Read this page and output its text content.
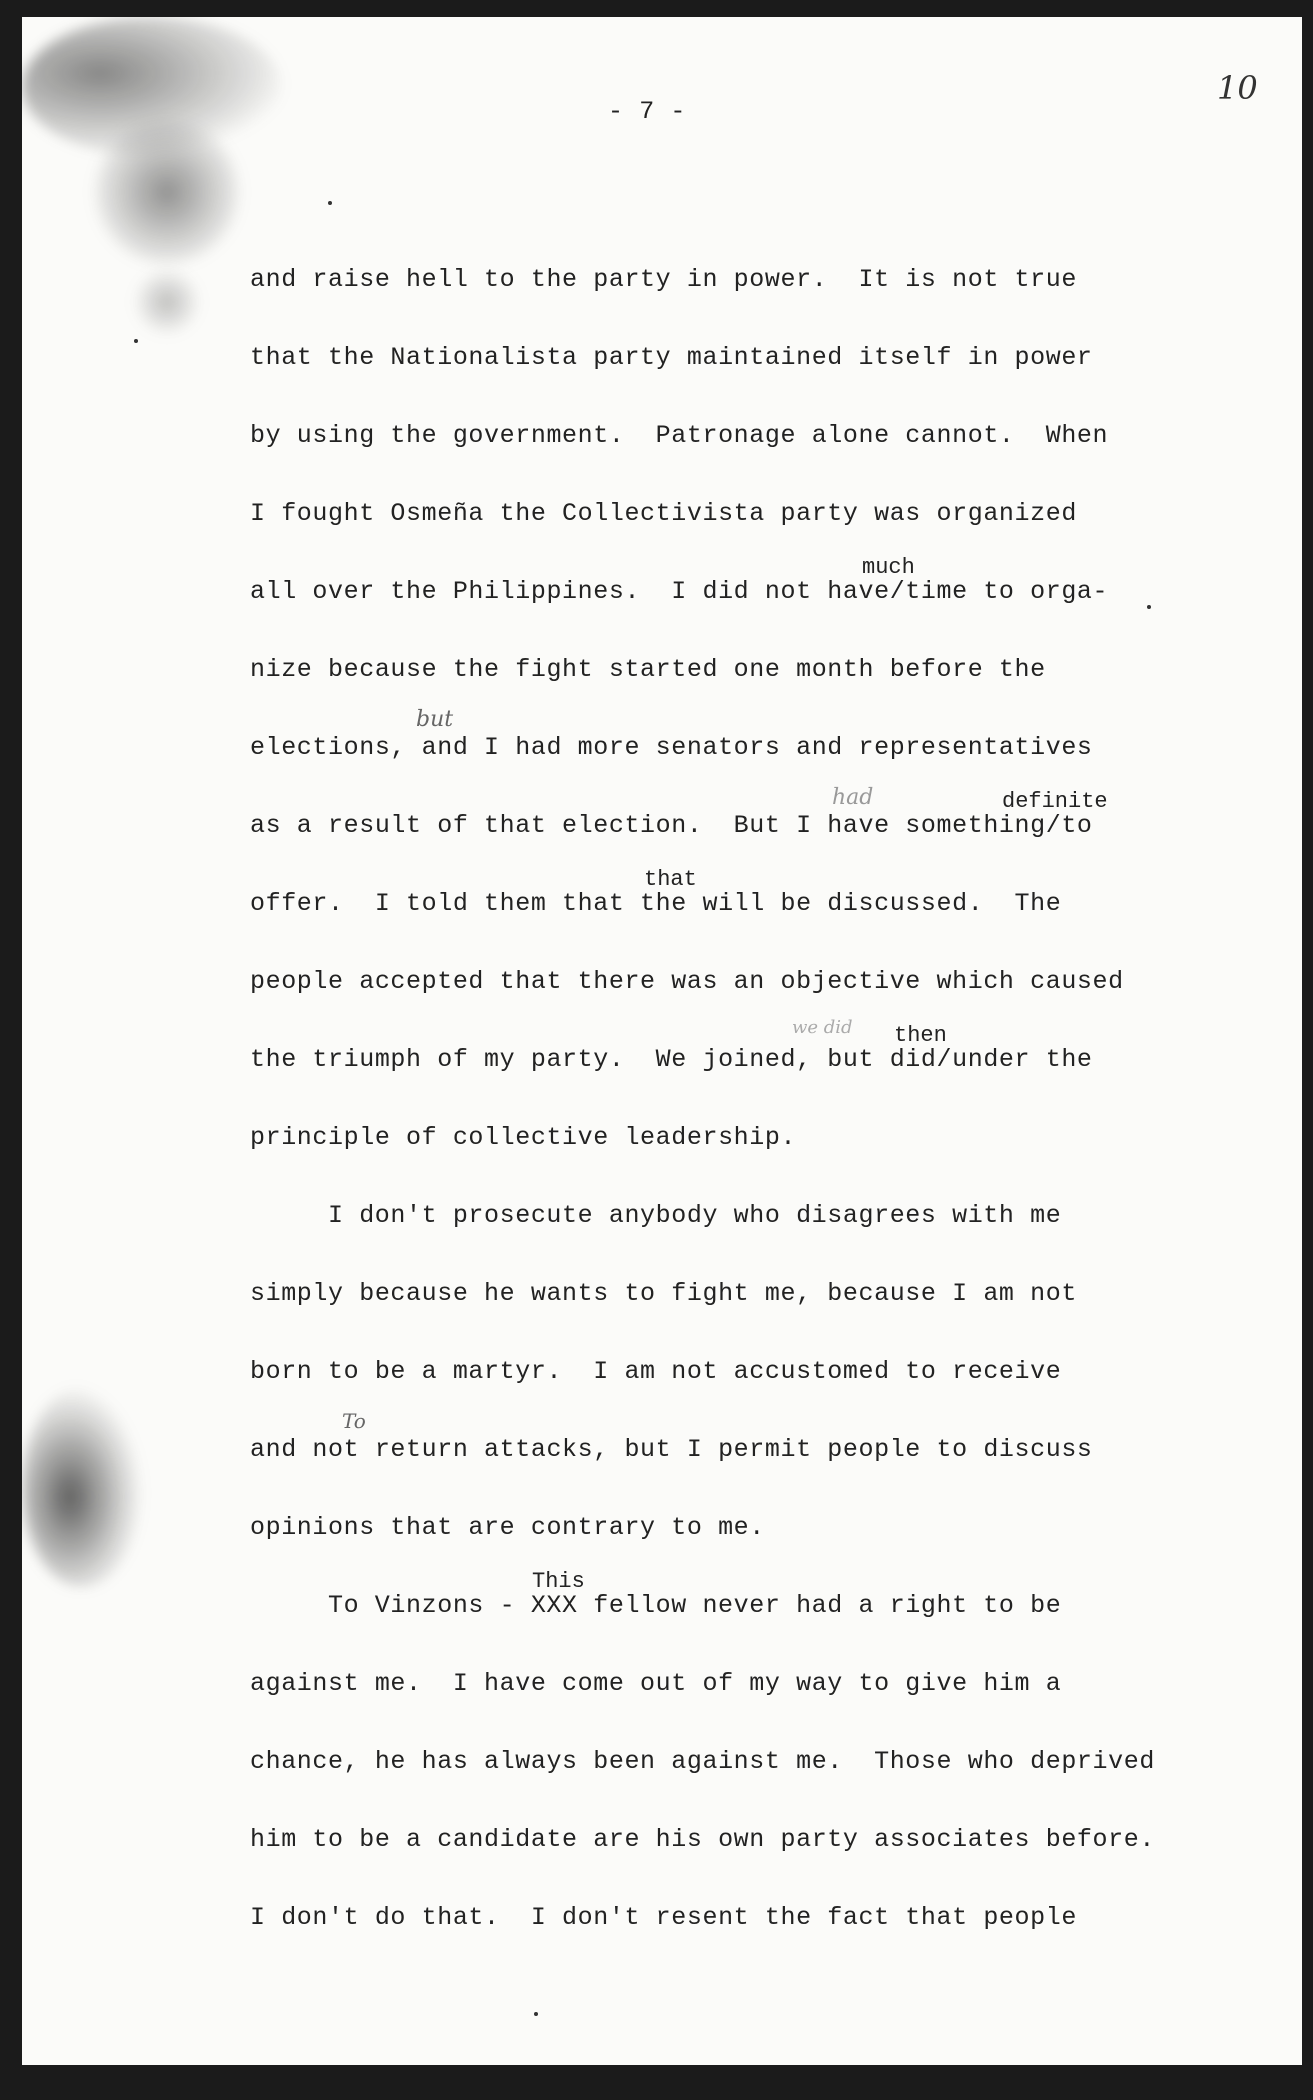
- 7 -
10
and raise hell to the party in power.  It is not true
that the Nationalista party maintained itself in power
by using the government.  Patronage alone cannot.  When
I fought Osmeña the Collectivista party was organized
all over the Philippines.  I did not have/time to orga-
nize because the fight started one month before the
elections, and I had more senators and representatives
as a result of that election.  But I have something/to
offer.  I told them that the will be discussed.  The
people accepted that there was an objective which caused
the triumph of my party.  We joined, but did/under the
principle of collective leadership.
I don't prosecute anybody who disagrees with me
simply because he wants to fight me, because I am not
born to be a martyr.  I am not accustomed to receive
and not return attacks, but I permit people to discuss
opinions that are contrary to me.
To Vinzons - XXX fellow never had a right to be
against me.  I have come out of my way to give him a
chance, he has always been against me.  Those who deprived
him to be a candidate are his own party associates before.
I don't do that.  I don't resent the fact that people
much
definite
that
then
This
but
had
we did
To
